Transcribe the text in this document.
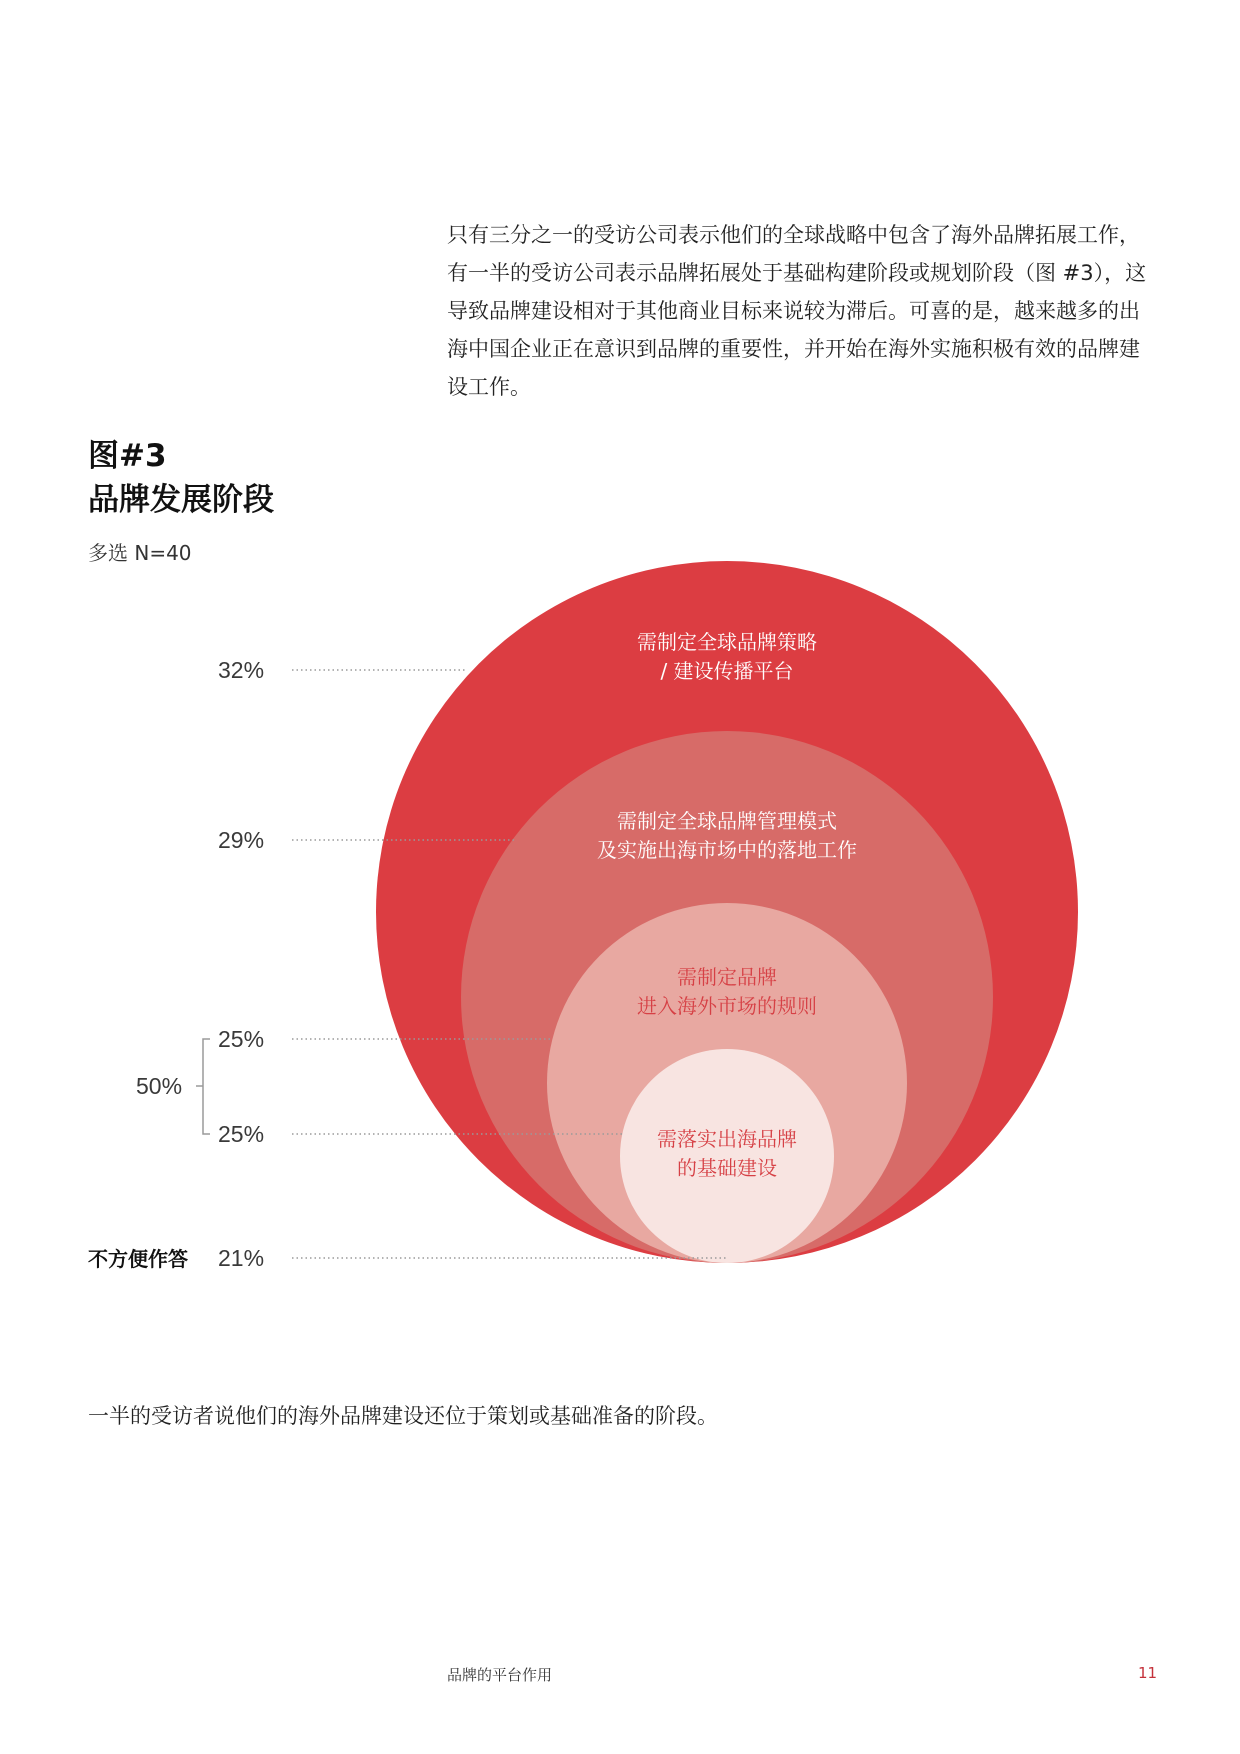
只有三分之一的受访公司表示他们的全球战略中包含了海外品牌拓展工作，有一半的受访公司表示品牌拓展处于基础构建阶段或规划阶段（图 #3），这导致品牌建设相对于其他商业目标来说较为滞后。可喜的是，越来越多的出海中国企业正在意识到品牌的重要性，并开始在海外实施积极有效的品牌建设工作。

图#3
品牌发展阶段
多选 N=40
32%
29%
25%
25%
50%
21%
不方便作答
需制定全球品牌策略
/ 建设传播平台
需制定全球品牌管理模式
及实施出海市场中的落地工作
需制定品牌
进入海外市场的规则
需落实出海品牌
的基础建设

一半的受访者说他们的海外品牌建设还位于策划或基础准备的阶段。

品牌的平台作用	11
